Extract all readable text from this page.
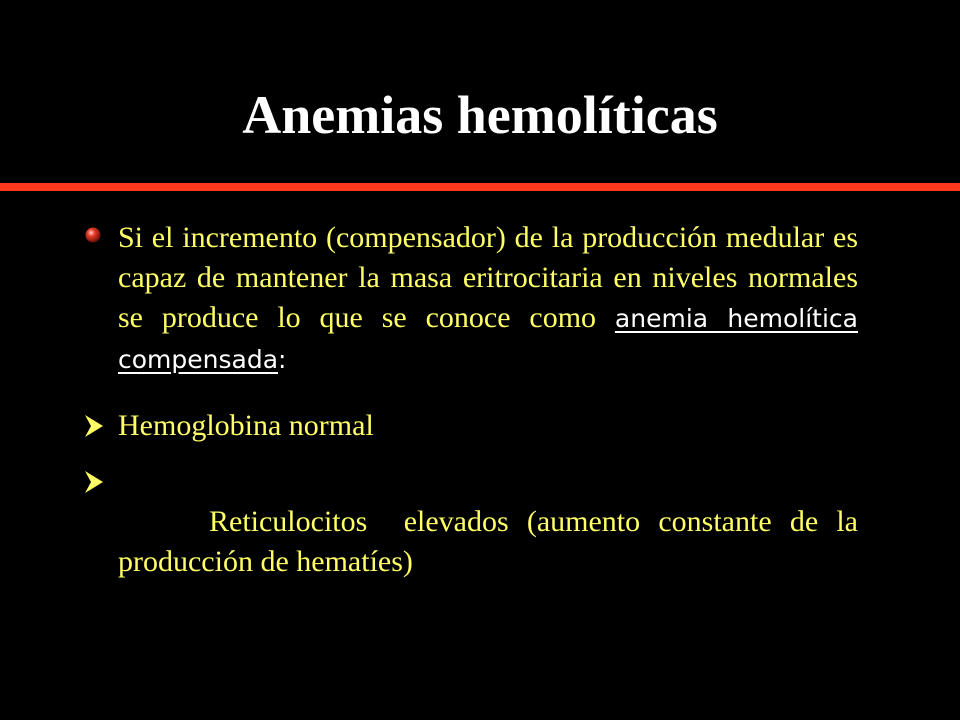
Anemias hemolíticas
Si el incremento (compensador) de la producción medular es capaz de mantener la masa eritrocitaria en niveles normales se produce lo que se conoce como anemia hemolítica compensada:
Hemoglobina normal

Reticulocitos  elevados (aumento constante de la producción de hematíes)
